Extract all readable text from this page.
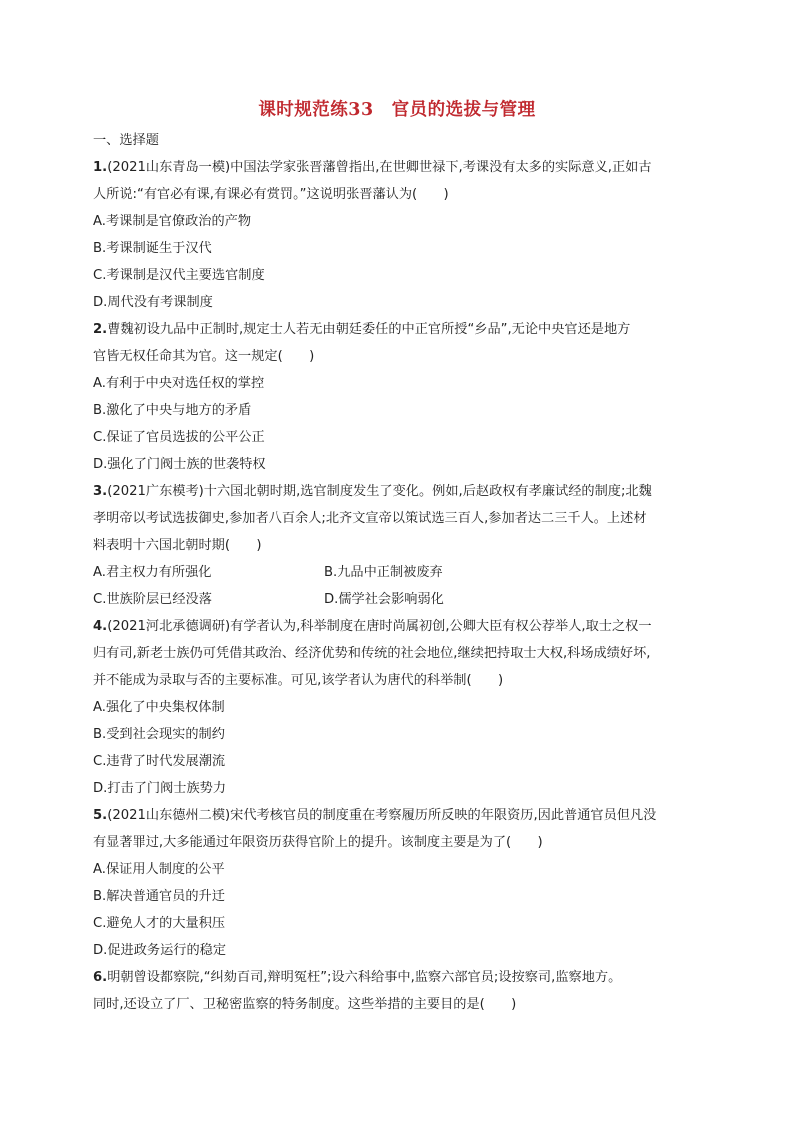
课时规范练33　官员的选拔与管理
一、选择题
1.(2021山东青岛一模)中国法学家张晋藩曾指出,在世卿世禄下,考课没有太多的实际意义,正如古
人所说:“有官必有课,有课必有赏罚。”这说明张晋藩认为(　　)
A.考课制是官僚政治的产物
B.考课制诞生于汉代
C.考课制是汉代主要选官制度
D.周代没有考课制度
2.曹魏初设九品中正制时,规定士人若无由朝廷委任的中正官所授“乡品”,无论中央官还是地方
官皆无权任命其为官。这一规定(　　)
A.有利于中央对选任权的掌控
B.激化了中央与地方的矛盾
C.保证了官员选拔的公平公正
D.强化了门阀士族的世袭特权
3.(2021广东模考)十六国北朝时期,选官制度发生了变化。例如,后赵政权有孝廉试经的制度;北魏
孝明帝以考试选拔御史,参加者八百余人;北齐文宣帝以策试选三百人,参加者达二三千人。上述材
料表明十六国北朝时期(　　)
A.君主权力有所强化	B.九品中正制被废弃
C.世族阶层已经没落	D.儒学社会影响弱化
4.(2021河北承德调研)有学者认为,科举制度在唐时尚属初创,公卿大臣有权公荐举人,取士之权一
归有司,新老士族仍可凭借其政治、经济优势和传统的社会地位,继续把持取士大权,科场成绩好坏,
并不能成为录取与否的主要标准。可见,该学者认为唐代的科举制(　　)
A.强化了中央集权体制
B.受到社会现实的制约
C.违背了时代发展潮流
D.打击了门阀士族势力
5.(2021山东德州二模)宋代考核官员的制度重在考察履历所反映的年限资历,因此普通官员但凡没
有显著罪过,大多能通过年限资历获得官阶上的提升。该制度主要是为了(　　)
A.保证用人制度的公平
B.解决普通官员的升迁
C.避免人才的大量积压
D.促进政务运行的稳定
6.明朝曾设都察院,“纠劾百司,辩明冤枉”;设六科给事中,监察六部官员;设按察司,监察地方。
同时,还设立了厂、卫秘密监察的特务制度。这些举措的主要目的是(　　)
